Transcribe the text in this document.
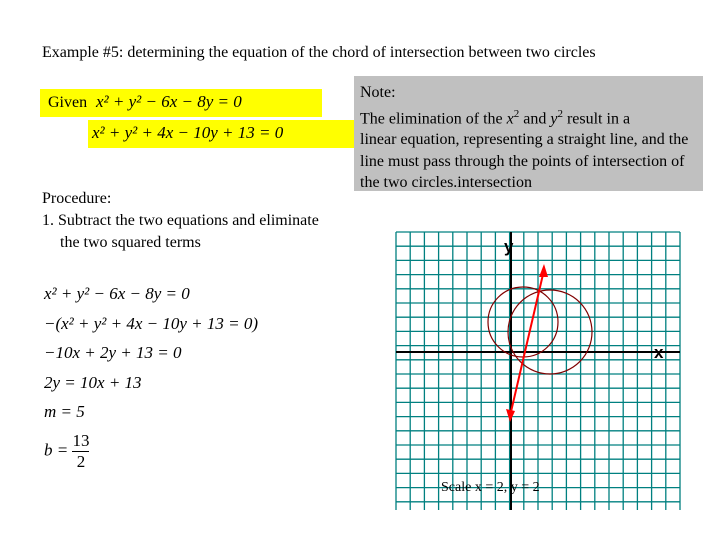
Example #5: determining the equation of the chord of intersection between two circles
Given x² + y² − 6x − 8y = 0
x² + y² + 4x − 10y + 13 = 0
Note:
The elimination of the $x^2$ and $y^2$ result in a
linear equation, representing a straight line, and the line must pass through the points of intersection of the two circles.intersection
Procedure:
1. Subtract the two equations and eliminate
the two squared terms
x² + y² − 6x − 8y = 0
−(x² + y² + 4x − 10y + 13 = 0)
−10x + 2y + 13 = 0
2y = 10x + 13
m = 5
$b = \frac{13}{2}$
y
x
Scale x = 2, y = 2
